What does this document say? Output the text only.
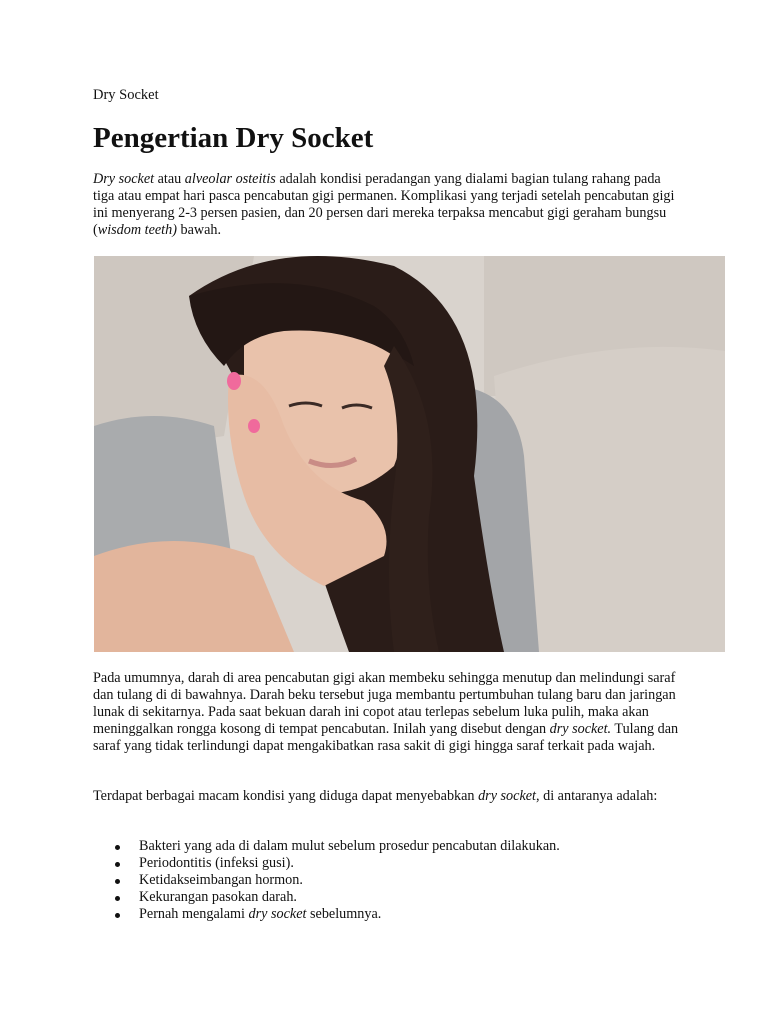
Dry Socket
Pengertian Dry Socket

Dry socket atau alveolar osteitis adalah kondisi peradangan yang dialami bagian tulang rahang pada tiga atau empat hari pasca pencabutan gigi permanen. Komplikasi yang terjadi setelah pencabutan gigi ini menyerang 2-3 persen pasien, dan 20 persen dari mereka terpaksa mencabut gigi geraham bungsu (wisdom teeth) bawah.

Pada umumnya, darah di area pencabutan gigi akan membeku sehingga menutup dan melindungi saraf dan tulang di di bawahnya. Darah beku tersebut juga membantu pertumbuhan tulang baru dan jaringan lunak di sekitarnya. Pada saat bekuan darah ini copot atau terlepas sebelum luka pulih, maka akan meninggalkan rongga kosong di tempat pencabutan. Inilah yang disebut dengan dry socket. Tulang dan saraf yang tidak terlindungi dapat mengakibatkan rasa sakit di gigi hingga saraf terkait pada wajah.

Terdapat berbagai macam kondisi yang diduga dapat menyebabkan dry socket, di antaranya adalah:

Bakteri yang ada di dalam mulut sebelum prosedur pencabutan dilakukan.
Periodontitis (infeksi gusi).
Ketidakseimbangan hormon.
Kekurangan pasokan darah.
Pernah mengalami dry socket sebelumnya.
